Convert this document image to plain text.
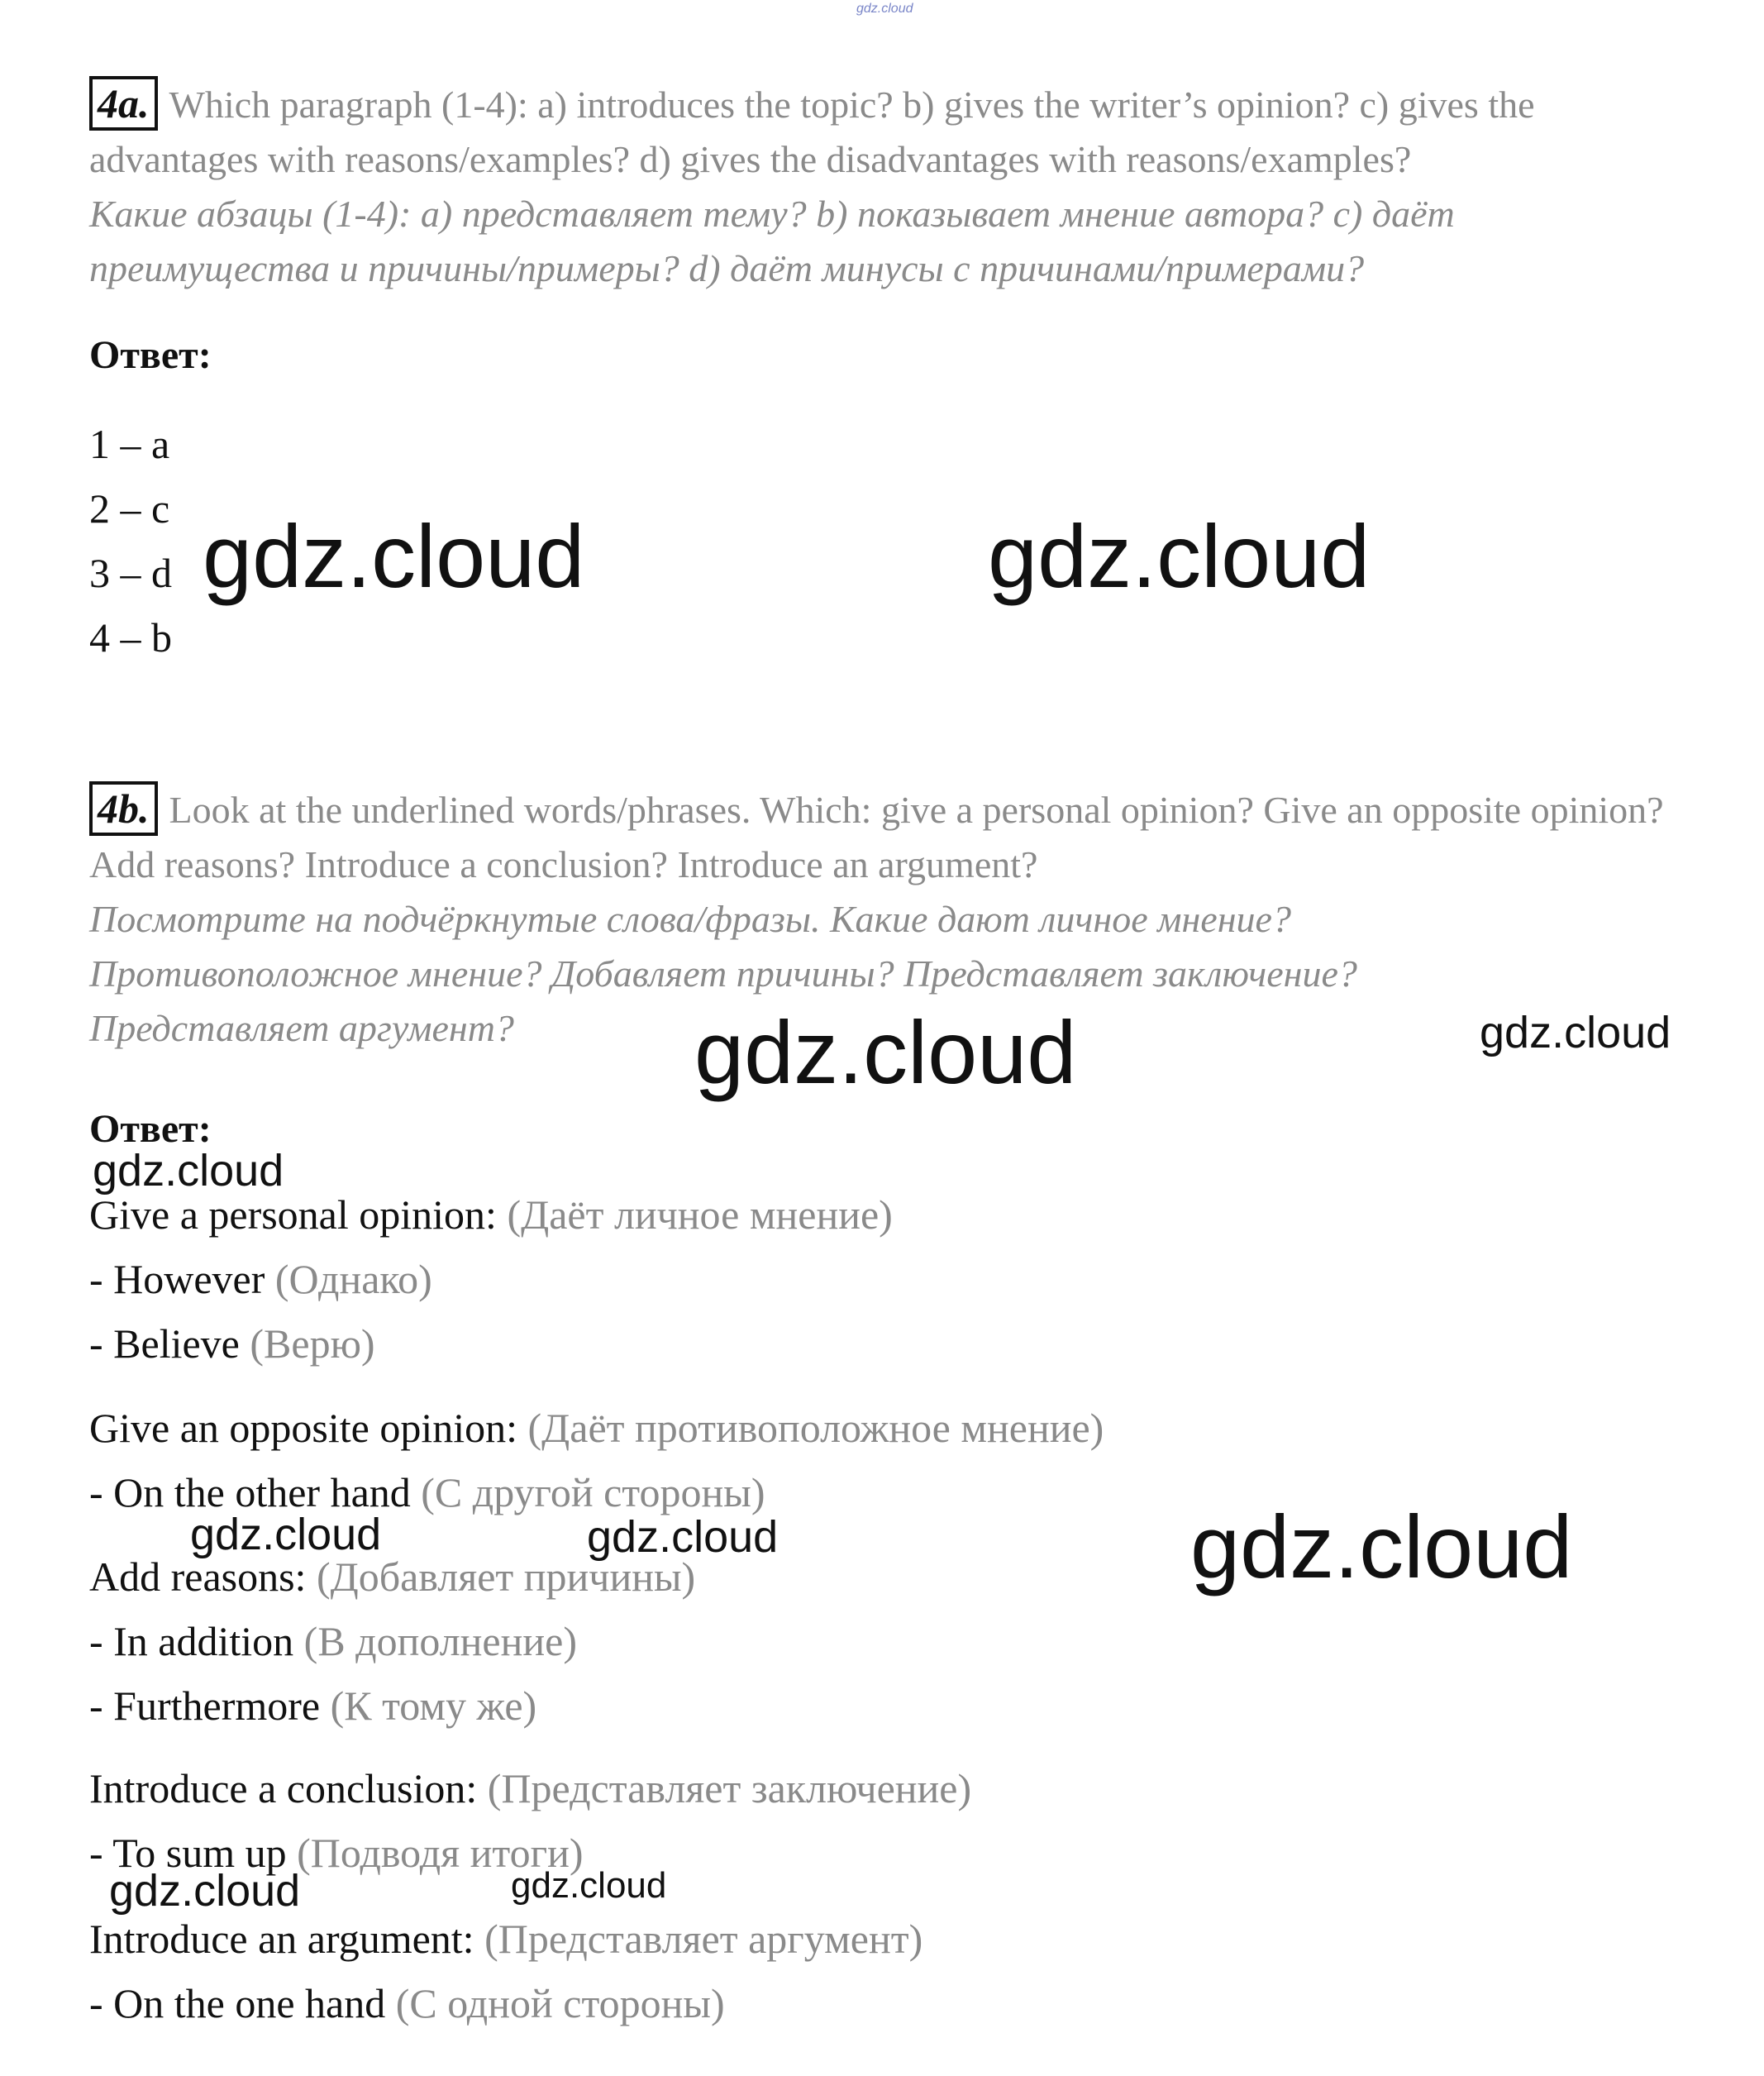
gdz.cloud

4a. Which paragraph (1-4): a) introduces the topic? b) gives the writer’s opinion? c) gives the advantages with reasons/examples? d) gives the disadvantages with reasons/examples?

Какие абзацы (1-4): а) представляет тему? b) показывает мнение автора? с) даёт преимущества и причины/примеры? d) даёт минусы с причинами/примерами?

Ответ:
1 – a
2 – c
3 – d
4 – b

4b. Look at the underlined words/phrases. Which: give a personal opinion? Give an opposite opinion? Add reasons? Introduce a conclusion? Introduce an argument?

Посмотрите на подчёркнутые слова/фразы. Какие дают личное мнение? Противоположное мнение? Добавляет причины? Представляет заключение? Представляет аргумент?

Ответ:
Give a personal opinion: (Даёт личное мнение)
- However (Однако)
- Believe (Верю)
Give an opposite opinion: (Даёт противоположное мнение)
- On the other hand (С другой стороны)
Add reasons: (Добавляет причины)
- In addition (В дополнение)
- Furthermore (К тому же)
Introduce a conclusion: (Представляет заключение)
- To sum up (Подводя итоги)
Introduce an argument: (Представляет аргумент)
- On the one hand (С одной стороны)
gdz.cloud	gdz.cloud
gdz.cloud	gdz.cloud
gdz.cloud
gdz.cloud	gdz.cloud	gdz.cloud
gdz.cloud	gdz.cloud
